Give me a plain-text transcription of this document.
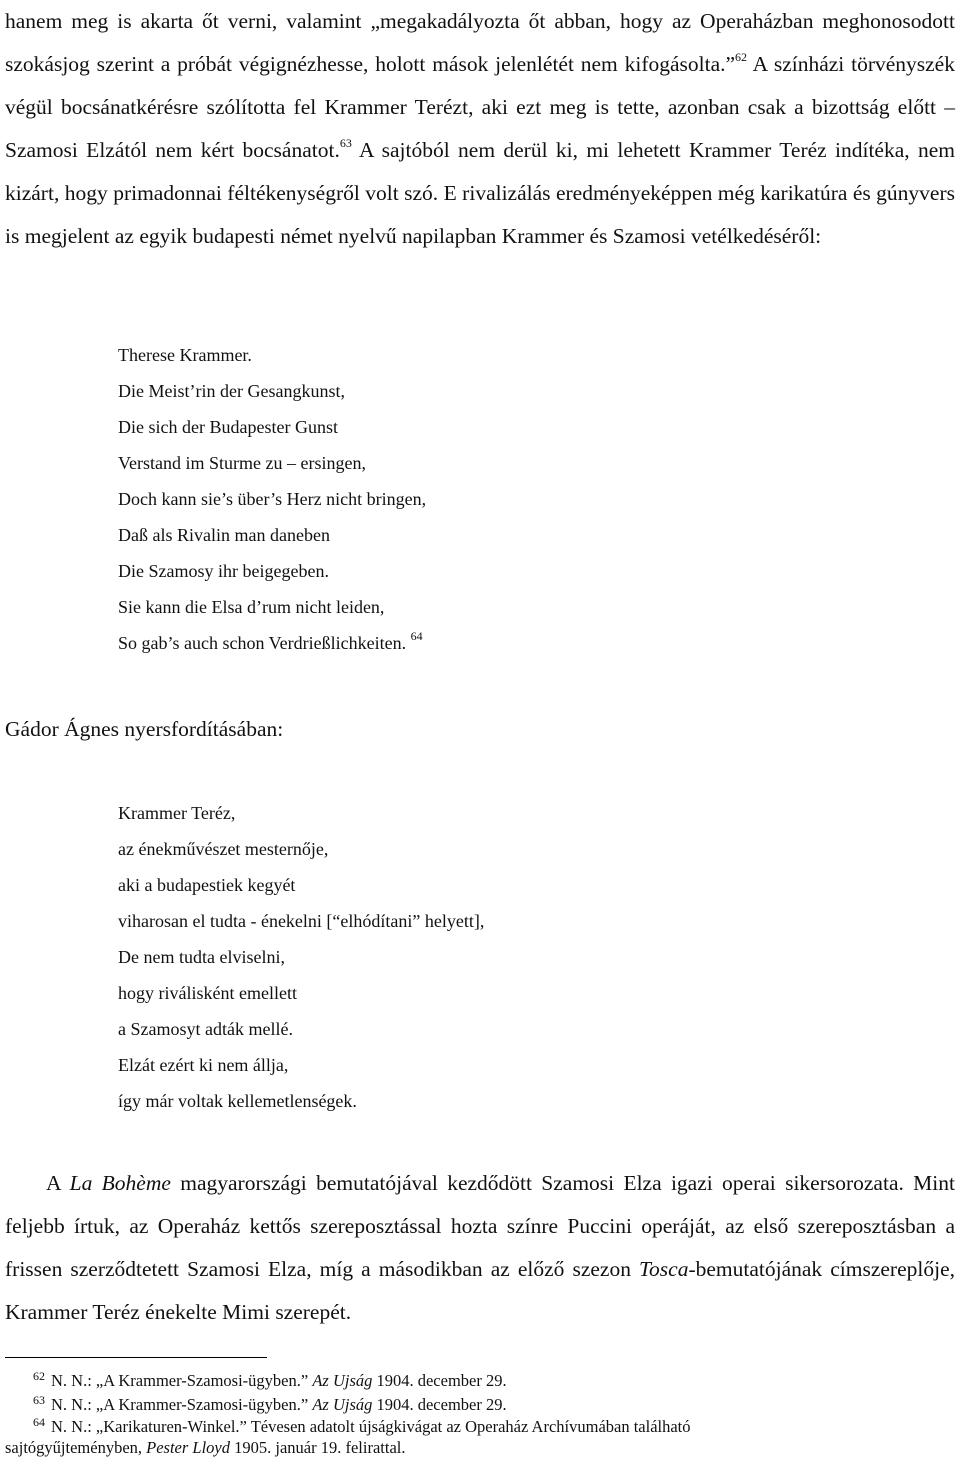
hanem meg is akarta őt verni, valamint „megakadályozta őt abban, hogy az Operaházban meghonosodott szokásjog szerint a próbát végignézhesse, holott mások jelenlétét nem kifogásolta.”$^{62}$ A színházi törvényszék végül bocsánatkérésre szólította fel Krammer Terézt, aki ezt meg is tette, azonban csak a bizottság előtt – Szamosi Elzától nem kért bocsánatot.$^{63}$ A sajtóból nem derül ki, mi lehetett Krammer Teréz indítéka, nem kizárt, hogy primadonnai féltékenységről volt szó. E rivalizálás eredményeképpen még karikatúra és gúnyvers is megjelent az egyik budapesti német nyelvű napilapban Krammer és Szamosi vetélkedéséről:
Therese Krammer.
Die Meist’rin der Gesangkunst,
Die sich der Budapester Gunst
Verstand im Sturme zu – ersingen,
Doch kann sie’s über’s Herz nicht bringen,
Daß als Rivalin man daneben
Die Szamosy ihr beigegeben.
Sie kann die Elsa d’rum nicht leiden,
So gab’s auch schon Verdrießlichkeiten. $^{64}$
Gádor Ágnes nyersfordításában:
Krammer Teréz,
az énekművészet mesternője,
aki a budapestiek kegyét
viharosan el tudta - énekelni [“elhódítani” helyett],
De nem tudta elviselni,
hogy riválisként emellett
a Szamosyt adták mellé.
Elzát ezért ki nem állja,
így már voltak kellemetlenségek.
A La Bohème magyarországi bemutatójával kezdődött Szamosi Elza igazi operai sikersorozata. Mint feljebb írtuk, az Operaház kettős szereposztással hozta színre Puccini operáját, az első szereposztásban a frissen szerződtetett Szamosi Elza, míg a másodikban az előző szezon Tosca-bemutatójának címszereplője, Krammer Teréz énekelte Mimi szerepét.
62 N. N.: „A Krammer-Szamosi-ügyben.” Az Ujság 1904. december 29.
63 N. N.: „A Krammer-Szamosi-ügyben.” Az Ujság 1904. december 29.
64 N. N.: „Karikaturen-Winkel.” Tévesen adatolt újságkivágat az Operaház Archívumában található
sajtógyűjteményben, Pester Lloyd 1905. január 19. felirattal.
